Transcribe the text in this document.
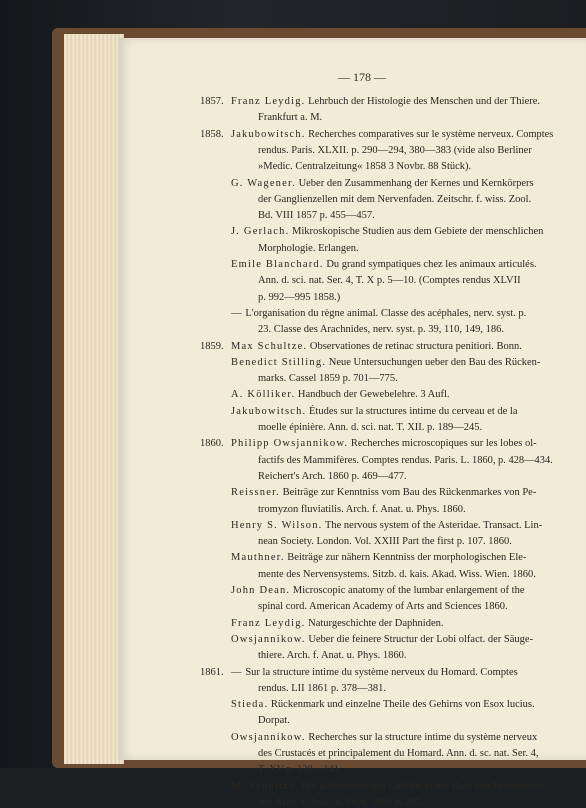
— 178 —
1857. Franz Leydig. Lehrbuch der Histologie des Menschen und der Thiere.
Frankfurt a. M.
1858. Jakubowitsch. Recherches comparatives sur le système nerveux. Comptes
rendus. Paris. XLXII. p. 290—294, 380—383 (vide also Berliner
»Medic. Centralzeitung« 1858 3 Novbr. 88 Stück).
G. Wagener. Ueber den Zusammenhang der Kernes und Kernkörpers
der Ganglienzellen mit dem Nervenfaden. Zeitschr. f. wiss. Zool.
Bd. VIII 1857 p. 455—457.
J. Gerlach. Mikroskopische Studien aus dem Gebiete der menschlichen
Morphologie. Erlangen.
Emile Blanchard. Du grand sympatiques chez les animaux articulés.
Ann. d. sci. nat. Ser. 4, T. X p. 5—10. (Comptes rendus XLVII
p. 992—995 1858.)
— L'organisation du règne animal. Classe des acéphales, nerv. syst. p.
23. Classe des Arachnides, nerv. syst. p. 39, 110, 149, 186.
1859. Max Schultze. Observationes de retinac structura penitiori. Bonn.
Benedict Stilling. Neue Untersuchungen ueber den Bau des Rücken-
marks. Cassel 1859 p. 701—775.
A. Kölliker. Handbuch der Gewebelehre. 3 Aufl.
Jakubowitsch. Études sur la structures intime du cerveau et de la
moelle épinière. Ann. d. sci. nat. T. XII. p. 189—245.
1860. Philipp Owsjannikow. Recherches microscopiques sur les lobes ol-
factifs des Mammifères. Comptes rendus. Paris. L. 1860, p. 428—434.
Reichert's Arch. 1860 p. 469—477.
Reissner. Beiträge zur Kenntniss vom Bau des Rückenmarkes von Pe-
tromyzon fluviatilis. Arch. f. Anat. u. Phys. 1860.
Henry S. Wilson. The nervous system of the Asteridae. Transact. Lin-
nean Society. London. Vol. XXIII Part the first p. 107. 1860.
Mauthner. Beiträge zur nähern Kenntniss der morphologischen Ele-
mente des Nervensystems. Sitzb. d. kais. Akad. Wiss. Wien. 1860.
John Dean. Microscopic anatomy of the lumbar enlargement of the
spinal cord. American Academy of Arts and Sciences 1860.
Franz Leydig. Naturgeschichte der Daphniden.
Owsjannikow. Ueber die feinere Structur der Lobi olfact. der Säuge-
thiere. Arch. f. Anat. u. Phys. 1860.
1861. — Sur la structure intime du système nerveux du Homard. Comptes
rendus. LII 1861 p. 378—381.
Stieda. Rückenmark und einzelne Theile des Gehirns von Esox lucius.
Dorpat.
Owsjannikow. Recherches sur la structure intime du système nerveux
des Crustacés et principalement du Homard. Ann. d. sc. nat. Ser. 4,
T. XV p. 128—141.
M. Schultze. Die kolbenförmigen Gebilde in der Haut von Petromyzon
etc. Arch. f. Anat. u. Phys. 1861 p. 285.
